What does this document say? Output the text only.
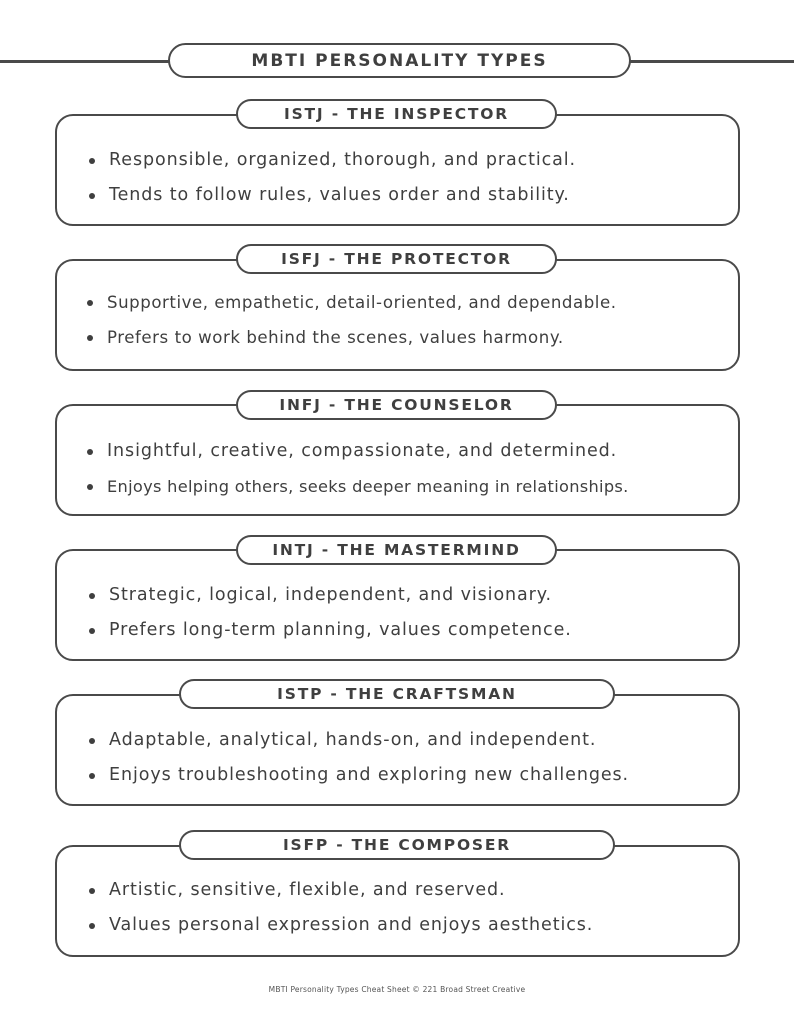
MBTI PERSONALITY TYPES
Responsible, organized, thorough, and practical.
Tends to follow rules, values order and stability.
ISTJ - THE INSPECTOR
Supportive, empathetic, detail-oriented, and dependable.
Prefers to work behind the scenes, values harmony.
ISFJ - THE PROTECTOR
Insightful, creative, compassionate, and determined.
Enjoys helping others, seeks deeper meaning in relationships.
INFJ - THE COUNSELOR
Strategic, logical, independent, and visionary.
Prefers long-term planning, values competence.
INTJ - THE MASTERMIND
Adaptable, analytical, hands-on, and independent.
Enjoys troubleshooting and exploring new challenges.
ISTP - THE CRAFTSMAN
Artistic, sensitive, flexible, and reserved.
Values personal expression and enjoys aesthetics.
ISFP - THE COMPOSER
MBTI Personality Types Cheat Sheet © 221 Broad Street Creative
